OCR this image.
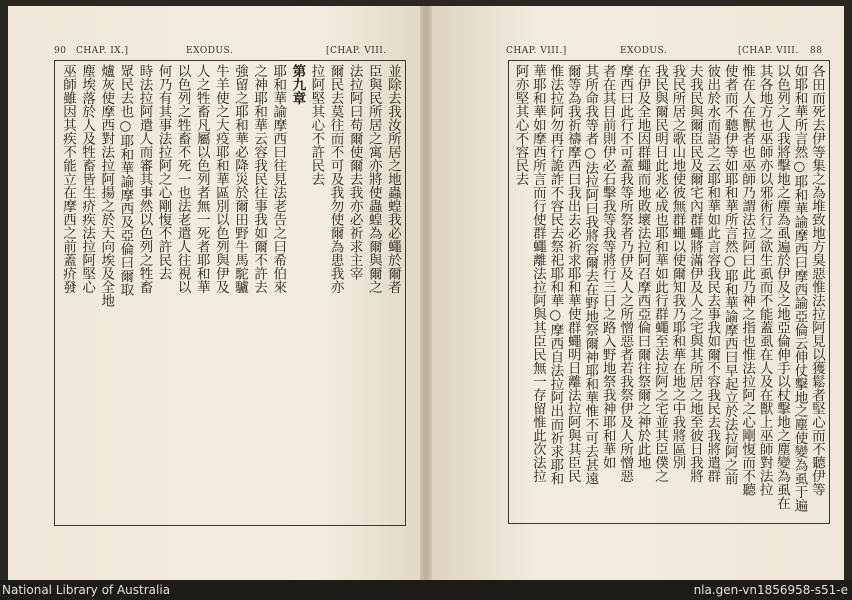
90 CHAP. IX.]	EXODUS.	[CHAP. VIII.
並除去我汝所居之地蟲蝗我必蠅於爾者
臣與民所居之寓亦將使蟲蝗為爾與爾之
法拉阿曰苟爾使爾去我亦必祈求主宰
爾民去莫往而不可及我勿使爾為患我亦
拉阿堅其心不許民去
第九章
耶和華諭摩西曰往見法老告之曰希伯來
之神耶和華云容我民往事我如爾不許去
強留之耶和華必降災於爾田野牛馬駝驢
牛羊使之大疫耶和華區別以色列與伊及
人之牲畜凡屬以色列者無一死者耶和華
以色列之牲畜不死一也法老遣人往視以
何乃有其事法拉阿之心剛愎不許民去
時法拉阿遣人而審其事然以色列之牲畜
眾民去也○耶和華諭摩西及亞倫曰爾取
爐灰使摩西對法拉阿揚之於天向埃及全地
塵埃落於人及牲畜皆生疥疾法拉阿堅心
巫師雖因其疾不能立在摩西之前蓋疥發
CHAP. VIII.]	EXODUS.	[CHAP. VIII. 88
各田而死去伊等集之為堆致地方臭惡惟法拉阿見以獲鬆者堅心而不聽伊等
如耶和華所言然○耶和華諭摩西曰摩西諭亞倫云伸仗擊地之塵使變為虱于遍
以色列之人我將擊地之塵為虱遍於伊及之地亞倫伸手以杖擊地之塵變為虱在
其各地方也巫師亦以邪術行之欲生虱而不能蓋虱在人及在獸上巫師對法拉
惟在人在獸者也巫師乃謂法拉阿曰此乃神之指也惟法拉阿之心剛愎而不聽
使者而不聽伊等如耶和華所言然○耶和華諭摩西曰早起立於法拉阿之前
彼出於水而語之云耶和華如此言容我民去事我如爾不容我民去我將遣群
夫我民與爾臣民及爾宅內群蠅將滿伊及人之宅與其所居之地至彼日我將
我民所居之歌山地使彼無群蠅以使爾知我乃耶和華在地之中我將區別
我民與爾民明日此兆必成也耶和華如此行群蠅至法拉阿之宅並其臣僕之
在伊及全地因群蠅而地敗壞法拉阿召摩西亞倫曰爾往祭爾之神於此地
摩西曰此行不可蓋我等所祭者乃伊及人之所憎惡者若我祭伊及人所憎惡
者在其目前則伊必石擊我等我等將行三日之路入野地祭我神耶和華如
其所命我等者○法拉阿曰我將容爾去在野地祭爾神耶和華惟不可去甚遠
爾等為我祈禱摩西曰我出去必祈求耶和華使群蠅明日離法拉阿與其臣民
惟法拉阿勿再行詭詐不容民去祭祀耶和華○摩西自法拉阿出而祈求耶和
華耶和華如摩西所言而行使群蠅離法拉阿與其臣民無一存留惟此次法拉
阿亦堅其心不容民去
National Library of Australia	nla.gen-vn1856958-s51-e
